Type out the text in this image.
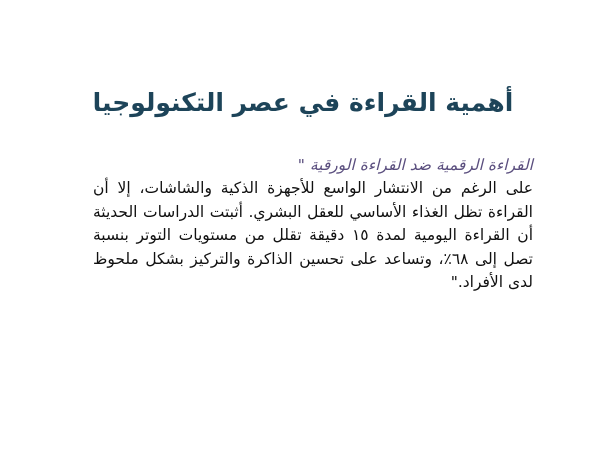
أهمية القراءة في عصر التكنولوجيا

القراءة الرقمية ضد القراءة الورقية "

على الرغم من الانتشار الواسع للأجهزة الذكية والشاشات، إلا أن القراءة تظل الغذاء الأساسي للعقل البشري. أثبتت الدراسات الحديثة أن القراءة اليومية لمدة ١٥ دقيقة تقلل من مستويات التوتر بنسبة تصل إلى ٦٨٪، وتساعد على تحسين الذاكرة والتركيز بشكل ملحوظ لدى الأفراد."
